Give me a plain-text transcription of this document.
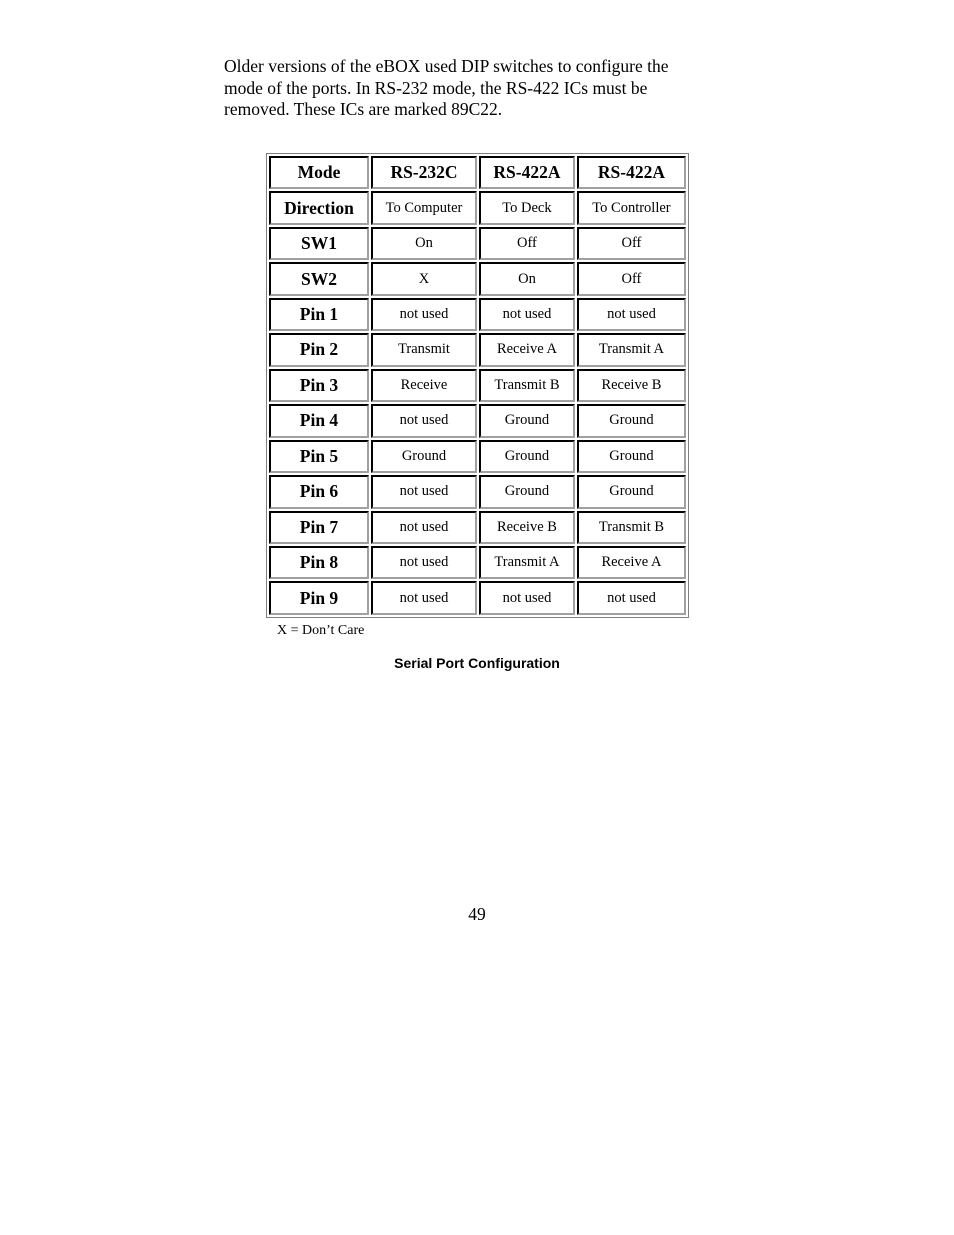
Older versions of the eBOX used DIP switches to configure the
mode of the ports. In RS-232 mode, the RS-422 ICs must be
removed. These ICs are marked 89C22.

Mode	RS-232C	RS-422A	RS-422A
Direction	To Computer	To Deck	To Controller
SW1	On	Off	Off
SW2	X	On	Off
Pin 1	not used	not used	not used
Pin 2	Transmit	Receive A	Transmit A
Pin 3	Receive	Transmit B	Receive B
Pin 4	not used	Ground	Ground
Pin 5	Ground	Ground	Ground
Pin 6	not used	Ground	Ground
Pin 7	not used	Receive B	Transmit B
Pin 8	not used	Transmit A	Receive A
Pin 9	not used	not used	not used

X = Don’t Care

Serial Port Configuration

49
